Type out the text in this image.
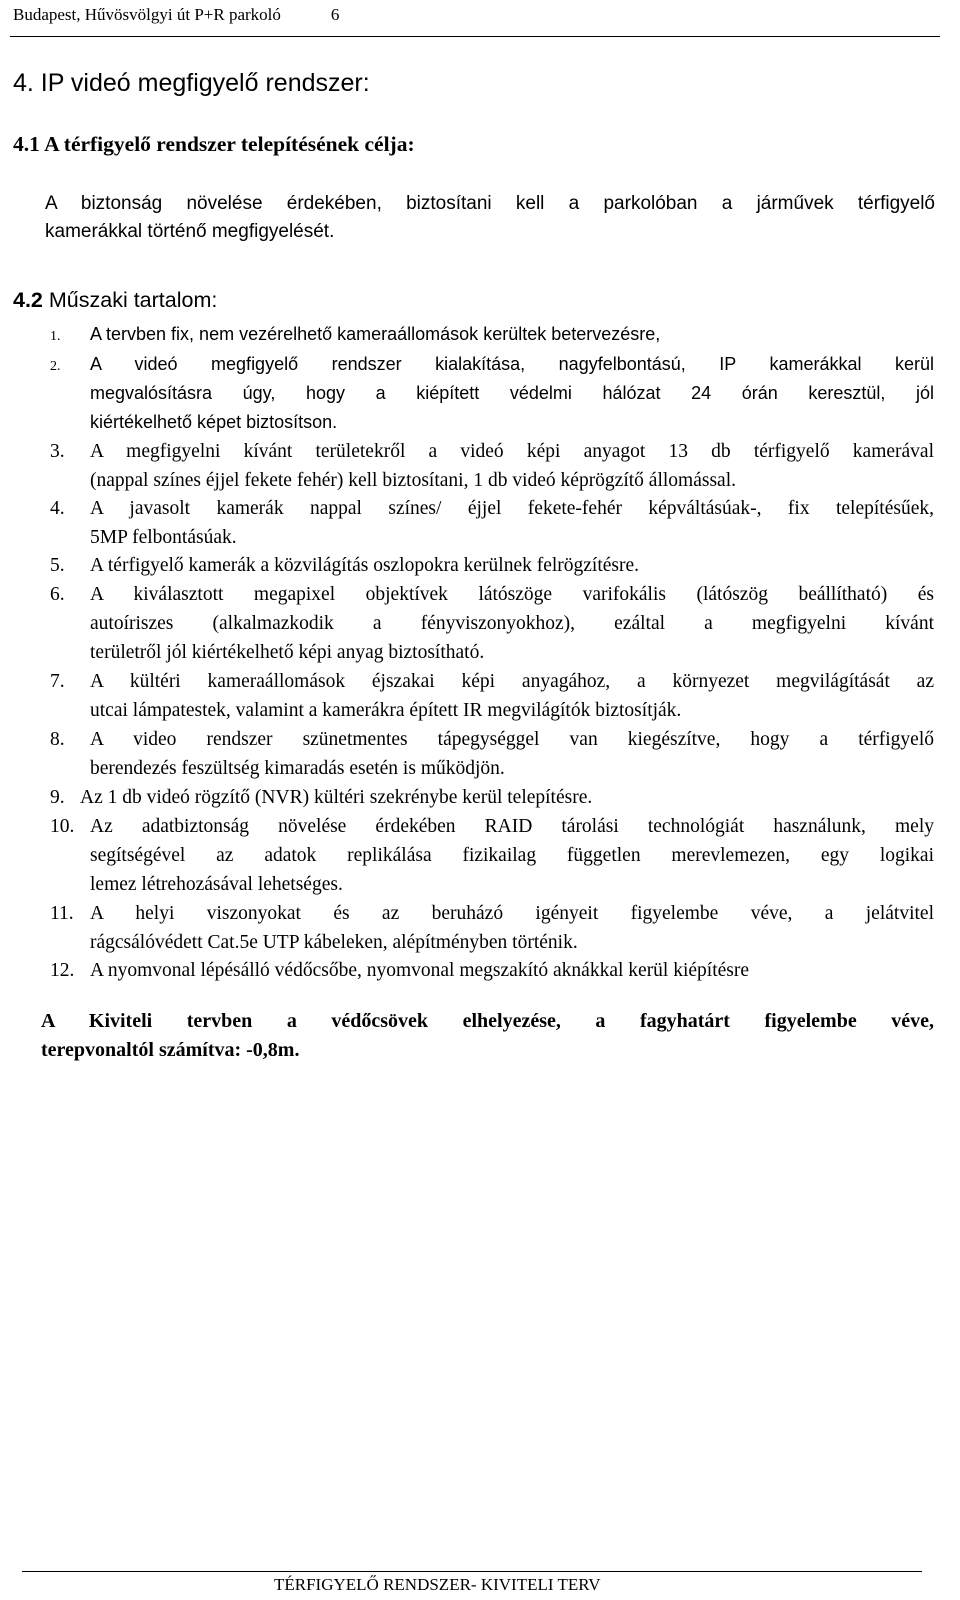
Budapest, Hűvösvölgyi út P+R parkoló	6
4. IP videó megfigyelő rendszer:
4.1 A térfigyelő rendszer telepítésének célja:

A biztonság növelése érdekében, biztosítani kell a parkolóban a járművek térfigyelő
kamerákkal történő megfigyelését.

4.2 Műszaki tartalom:
1. A tervben fix, nem vezérelhető kameraállomások kerültek betervezésre,
2. A videó megfigyelő rendszer kialakítása, nagyfelbontású, IP kamerákkal kerül
megvalósításra úgy, hogy a kiépített védelmi hálózat 24 órán keresztül, jól
kiértékelhető képet biztosítson.
3. A megfigyelni kívánt területekről a videó képi anyagot 13 db térfigyelő kamerával
(nappal színes éjjel fekete fehér) kell biztosítani, 1 db videó képrögzítő állomással.
4. A javasolt kamerák nappal színes/ éjjel fekete-fehér képváltásúak-, fix telepítésűek,
5MP felbontásúak.
5. A térfigyelő kamerák a közvilágítás oszlopokra kerülnek felrögzítésre.
6. A kiválasztott megapixel objektívek látószöge varifokális (látószög beállítható) és
autoíriszes (alkalmazkodik a fényviszonyokhoz), ezáltal a megfigyelni kívánt
területről jól kiértékelhető képi anyag biztosítható.
7. A kültéri kameraállomások éjszakai képi anyagához, a környezet megvilágítását az
utcai lámpatestek, valamint a kamerákra épített IR megvilágítók biztosítják.
8. A video rendszer szünetmentes tápegységgel van kiegészítve, hogy a térfigyelő
berendezés feszültség kimaradás esetén is működjön.
9. Az 1 db videó rögzítő (NVR) kültéri szekrénybe kerül telepítésre.
10. Az adatbiztonság növelése érdekében RAID tárolási technológiát használunk, mely
segítségével az adatok replikálása fizikailag független merevlemezen, egy logikai
lemez létrehozásával lehetséges.
11. A helyi viszonyokat és az beruházó igényeit figyelembe véve, a jelátvitel
rágcsálóvédett Cat.5e UTP kábeleken, alépítményben történik.
12. A nyomvonal lépésálló védőcsőbe, nyomvonal megszakító aknákkal kerül kiépítésre

A Kiviteli tervben a védőcsövek elhelyezése, a fagyhatárt figyelembe véve,
terepvonaltól számítva: -0,8m.

TÉRFIGYELŐ RENDSZER- KIVITELI TERV
